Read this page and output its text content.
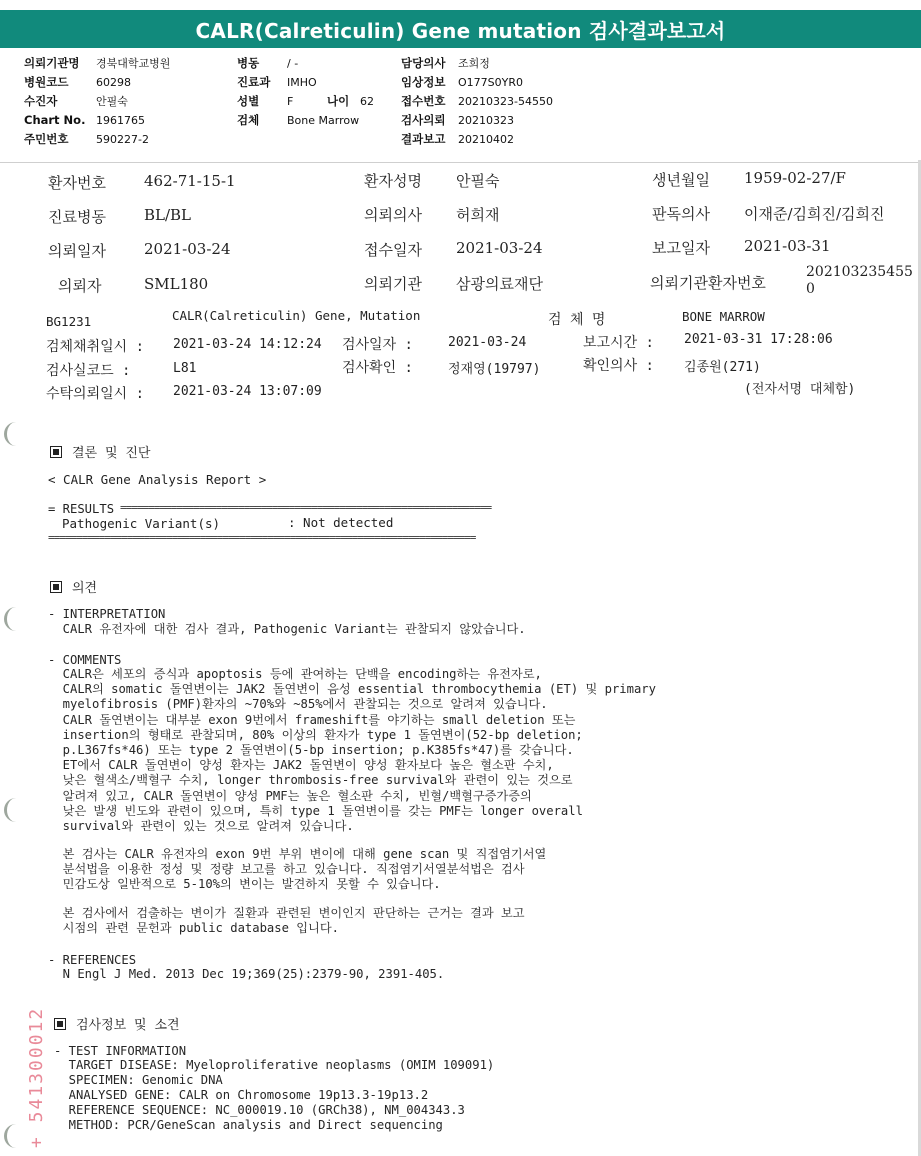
CALR(Calreticulin) Gene mutation 검사결과보고서
의뢰기관명 경북대학교병원
병원코드	60298
수진자	안필숙
Chart No. 1961765
주민번호	590227-2
병동	/ -
진료과 IMHO
성별	F	나이 62
검체	Bone Marrow
담당의사 조희정
임상정보 O177S0YR0
접수번호 20210323-54550
검사의뢰 20210323
결과보고 20210402
환자번호	462-71-15-1	환자성명 안필숙	생년월일 1959-02-27/F
진료병동	BL/BL	의뢰의사 허희재	판독의사 이재준/김희진/김희진
의뢰일자	2021-03-24	접수일자 2021-03-24	보고일자 2021-03-31
의뢰자	SML180	의뢰기관 삼광의료재단	의뢰기관환자번호
202103235455
0
BG1231	CALR(Calreticulin) Gene, Mutation	검 체 명	BONE MARROW
검체채취일시 : 2021-03-24 14:12:24 검사일자 :	2021-03-24	보고시간 : 2021-03-31 17:28:06
검사실코드 :	L81	검사확인 :	정재영(19797)	확인의사 : 김종원(271)
수탁의뢰일시 : 2021-03-24 13:07:09	(전자서명 대체함)
결론 및 진단
< CALR Gene Analysis Report >
= RESULTS ==================================================================
Pathogenic Variant(s)	: Not detected
============================================================================
의견
- INTERPRETATION
CALR 유전자에 대한 검사 결과, Pathogenic Variant는 관찰되지 않았습니다.
- COMMENTS
CALR은 세포의 증식과 apoptosis 등에 관여하는 단백을 encoding하는 유전자로,
CALR의 somatic 돌연변이는 JAK2 돌연변이 음성 essential thrombocythemia (ET) 및 primary
myelofibrosis (PMF)환자의 ~70%와 ~85%에서 관찰되는 것으로 알려져 있습니다.
CALR 돌연변이는 대부분 exon 9번에서 frameshift를 야기하는 small deletion 또는
insertion의 형태로 관찰되며, 80% 이상의 환자가 type 1 돌연변이(52-bp deletion;
p.L367fs*46) 또는 type 2 돌연변이(5-bp insertion; p.K385fs*47)를 갖습니다.
ET에서 CALR 돌연변이 양성 환자는 JAK2 돌연변이 양성 환자보다 높은 혈소판 수치,
낮은 혈색소/백혈구 수치, longer thrombosis-free survival와 관련이 있는 것으로
알려져 있고, CALR 돌연변이 양성 PMF는 높은 혈소판 수치, 빈혈/백혈구증가증의
낮은 발생 빈도와 관련이 있으며, 특히 type 1 돌연변이를 갖는 PMF는 longer overall
survival와 관련이 있는 것으로 알려져 있습니다.
본 검사는 CALR 유전자의 exon 9번 부위 변이에 대해 gene scan 및 직접염기서열
분석법을 이용한 정성 및 정량 보고를 하고 있습니다. 직접염기서열분석법은 검사
민감도상 일반적으로 5-10%의 변이는 발견하지 못할 수 있습니다.
본 검사에서 검출하는 변이가 질환과 관련된 변이인지 판단하는 근거는 결과 보고
시점의 관련 문헌과 public database 입니다.
- REFERENCES
N Engl J Med. 2013 Dec 19;369(25):2379-90, 2391-405.
검사정보 및 소견
- TEST INFORMATION
TARGET DISEASE: Myeloproliferative neoplasms (OMIM 109091)
SPECIMEN: Genomic DNA
ANALYSED GENE: CALR on Chromosome 19p13.3-19p13.2
REFERENCE SEQUENCE: NC_000019.10 (GRCh38), NM_004343.3
METHOD: PCR/GeneScan analysis and Direct sequencing
+ 541300012
